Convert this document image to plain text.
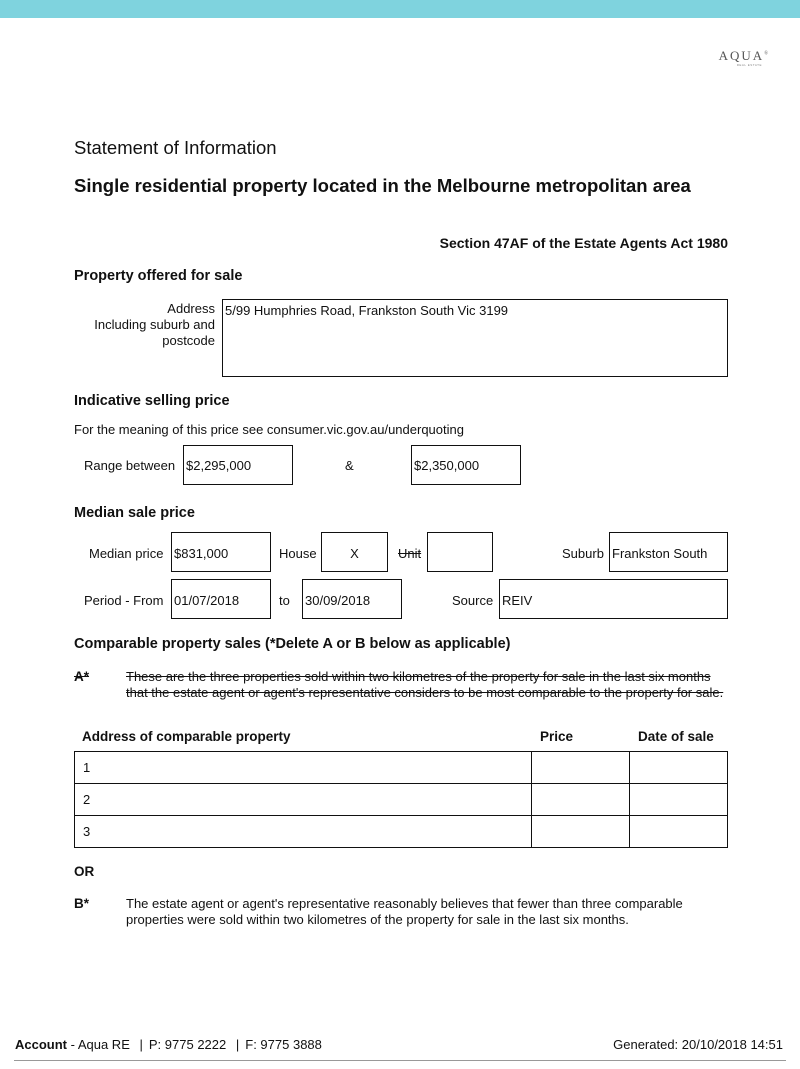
AQUA®
REAL ESTATE
Statement of Information
Single residential property located in the Melbourne metropolitan area
Section 47AF of the Estate Agents Act 1980
Property offered for sale
Address
Including suburb and
postcode
5/99 Humphries Road, Frankston South Vic 3199
Indicative selling price
For the meaning of this price see consumer.vic.gov.au/underquoting
Range between $2,295,000	&	$2,350,000
Median sale price
Median price $831,000	House	X	Unit	Suburb Frankston South
Period - From 01/07/2018	to 30/09/2018	Source REIV
Comparable property sales (*Delete A or B below as applicable)
A*	These are the three properties sold within two kilometres of the property for sale in the last six months that the estate agent or agent's representative considers to be most comparable to the property for sale.
Address of comparable property	Price	Date of sale
1		
2		
3		
OR
B*	The estate agent or agent's representative reasonably believes that fewer than three comparable properties were sold within two kilometres of the property for sale in the last six months.
Account - Aqua RE | P: 9775 2222 | F: 9775 3888	Generated: 20/10/2018 14:51
